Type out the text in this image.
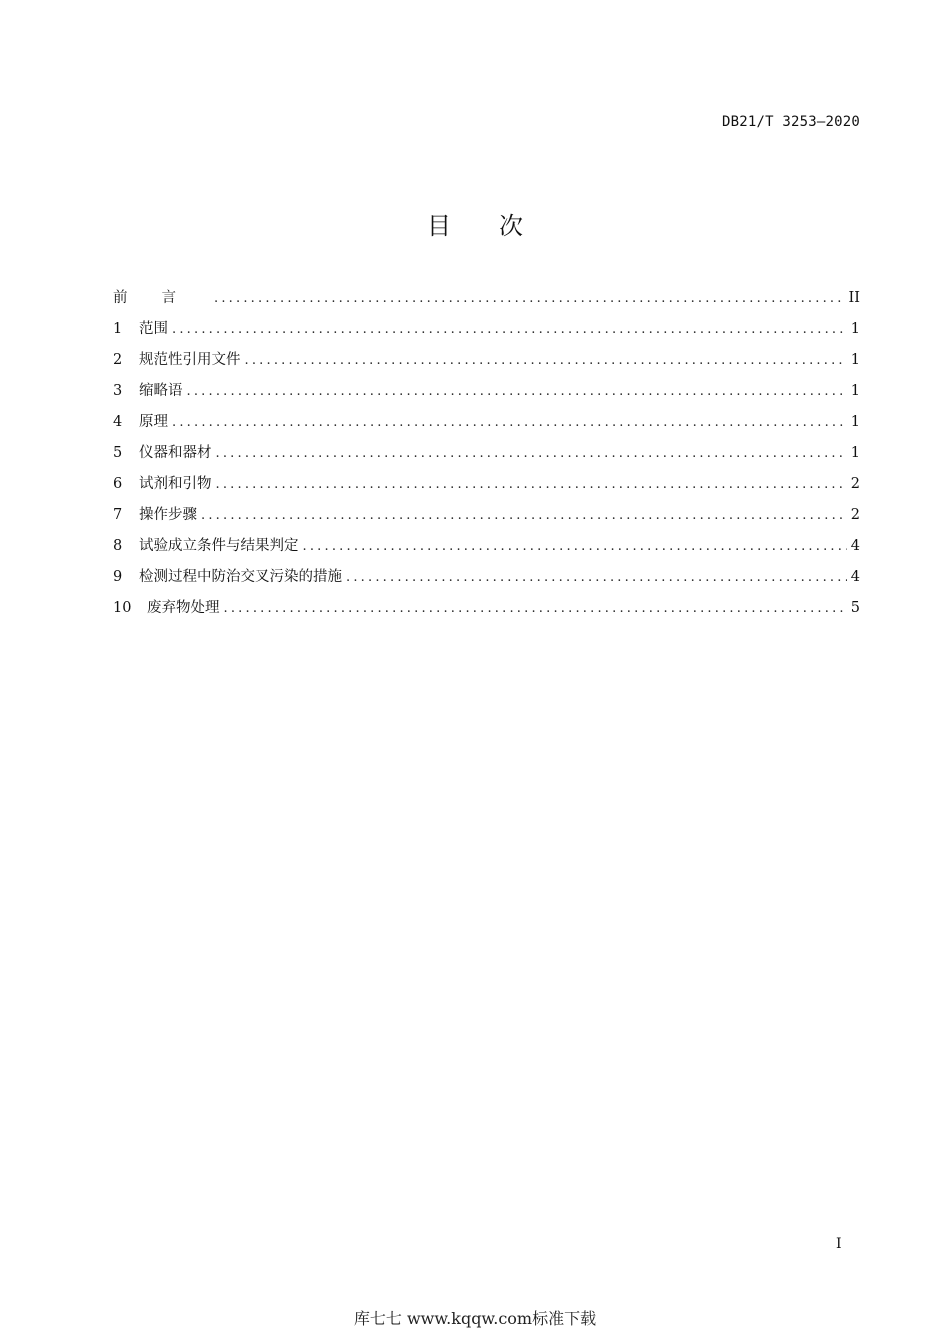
DB21/T 3253—2020
目 次
前言 .....	II
1	范围 .....	1
2	规范性引用文件 .....	1
3	缩略语 .....	1
4	原理 .....	1
5	仪器和器材 .....	1
6	试剂和引物 .....	2
7	操作步骤 .....	2
8	试验成立条件与结果判定 .....	4
9	检测过程中防治交叉污染的措施 .....	4
10	废弃物处理 .....	5
I
库七七 www.kqqw.com标准下载
